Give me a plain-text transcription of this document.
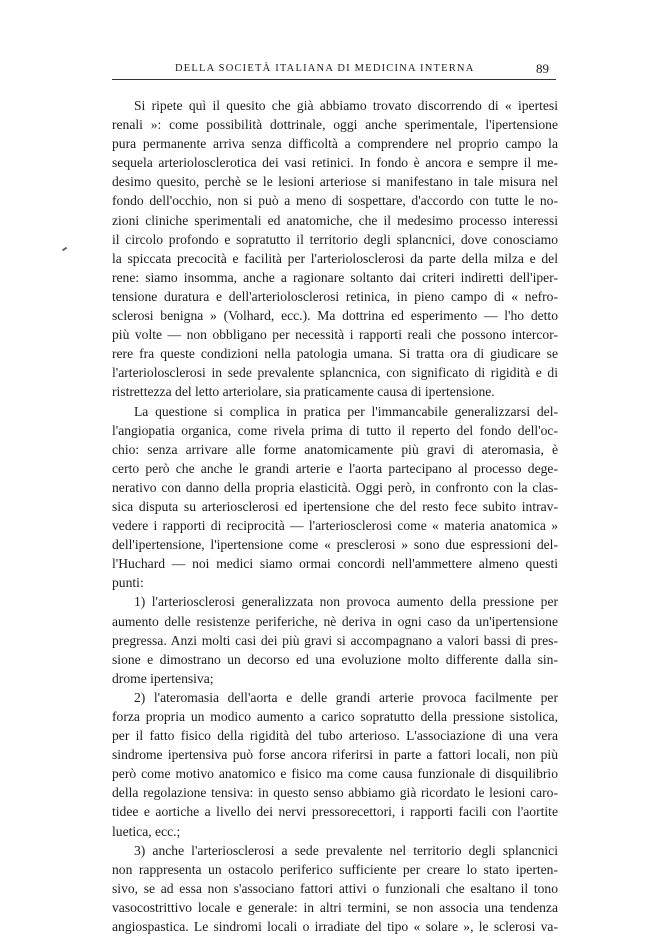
DELLA SOCIETÀ ITALIANA DI MEDICINA INTERNA	89
Si ripete quì il quesito che già abbiamo trovato discorrendo di « ipertesi
renali »: come possibilità dottrinale, oggi anche sperimentale, l'ipertensione
pura permanente arriva senza difficoltà a comprendere nel proprio campo la
sequela arteriolosclerotica dei vasi retinici. In fondo è ancora e sempre il me-
desimo quesito, perchè se le lesioni arteriose si manifestano in tale misura nel
fondo dell'occhio, non si può a meno di sospettare, d'accordo con tutte le no-
zioni cliniche sperimentali ed anatomiche, che il medesimo processo interessi
il circolo profondo e sopratutto il territorio degli splancnici, dove conosciamo
la spiccata precocità e facilità per l'arteriolosclerosi da parte della milza e del
rene: siamo insomma, anche a ragionare soltanto dai criteri indiretti dell'iper-
tensione duratura e dell'arteriolosclerosi retinica, in pieno campo di « nefro-
sclerosi benigna » (Volhard, ecc.). Ma dottrina ed esperimento — l'ho detto
più volte — non obbligano per necessità i rapporti reali che possono intercor-
rere fra queste condizioni nella patologia umana. Si tratta ora di giudicare se
l'arteriolosclerosi in sede prevalente splancnica, con significato di rigidità e di
ristrettezza del letto arteriolare, sia praticamente causa di ipertensione.
La questione si complica in pratica per l'immancabile generalizzarsi del-
l'angiopatia organica, come rivela prima di tutto il reperto del fondo dell'oc-
chio: senza arrivare alle forme anatomicamente più gravi di ateromasia, è
certo però che anche le grandi arterie e l'aorta partecipano al processo dege-
nerativo con danno della propria elasticità. Oggi però, in confronto con la clas-
sica disputa su arteriosclerosi ed ipertensione che del resto fece subito intrav-
vedere i rapporti di reciprocità — l'arteriosclerosi come « materia anatomica »
dell'ipertensione, l'ipertensione come « presclerosi » sono due espressioni del-
l'Huchard — noi medici siamo ormai concordi nell'ammettere almeno questi
punti:
1) l'arteriosclerosi generalizzata non provoca aumento della pressione per
aumento delle resistenze periferiche, nè deriva in ogni caso da un'ipertensione
pregressa. Anzi molti casi dei più gravi si accompagnano a valori bassi di pres-
sione e dimostrano un decorso ed una evoluzione molto differente dalla sin-
drome ipertensiva;
2) l'ateromasia dell'aorta e delle grandi arterie provoca facilmente per
forza propria un modico aumento a carico sopratutto della pressione sistolica,
per il fatto fisico della rigidità del tubo arterioso. L'associazione di una vera
sindrome ipertensiva può forse ancora riferirsi in parte a fattori locali, non più
però come motivo anatomico e fisico ma come causa funzionale di disquilibrio
della regolazione tensiva: in questo senso abbiamo già ricordato le lesioni caro-
tidee e aortiche a livello dei nervi pressorecettori, i rapporti facili con l'aortite
luetica, ecc.;
3) anche l'arteriosclerosi a sede prevalente nel territorio degli splancnici
non rappresenta un ostacolo periferico sufficiente per creare lo stato iperten-
sivo, se ad essa non s'associano fattori attivi o funzionali che esaltano il tono
vasocostrittivo locale e generale: in altri termini, se non associa una tendenza
angiospastica. Le sindromi locali o irradiate del tipo « solare », le sclerosi va-
